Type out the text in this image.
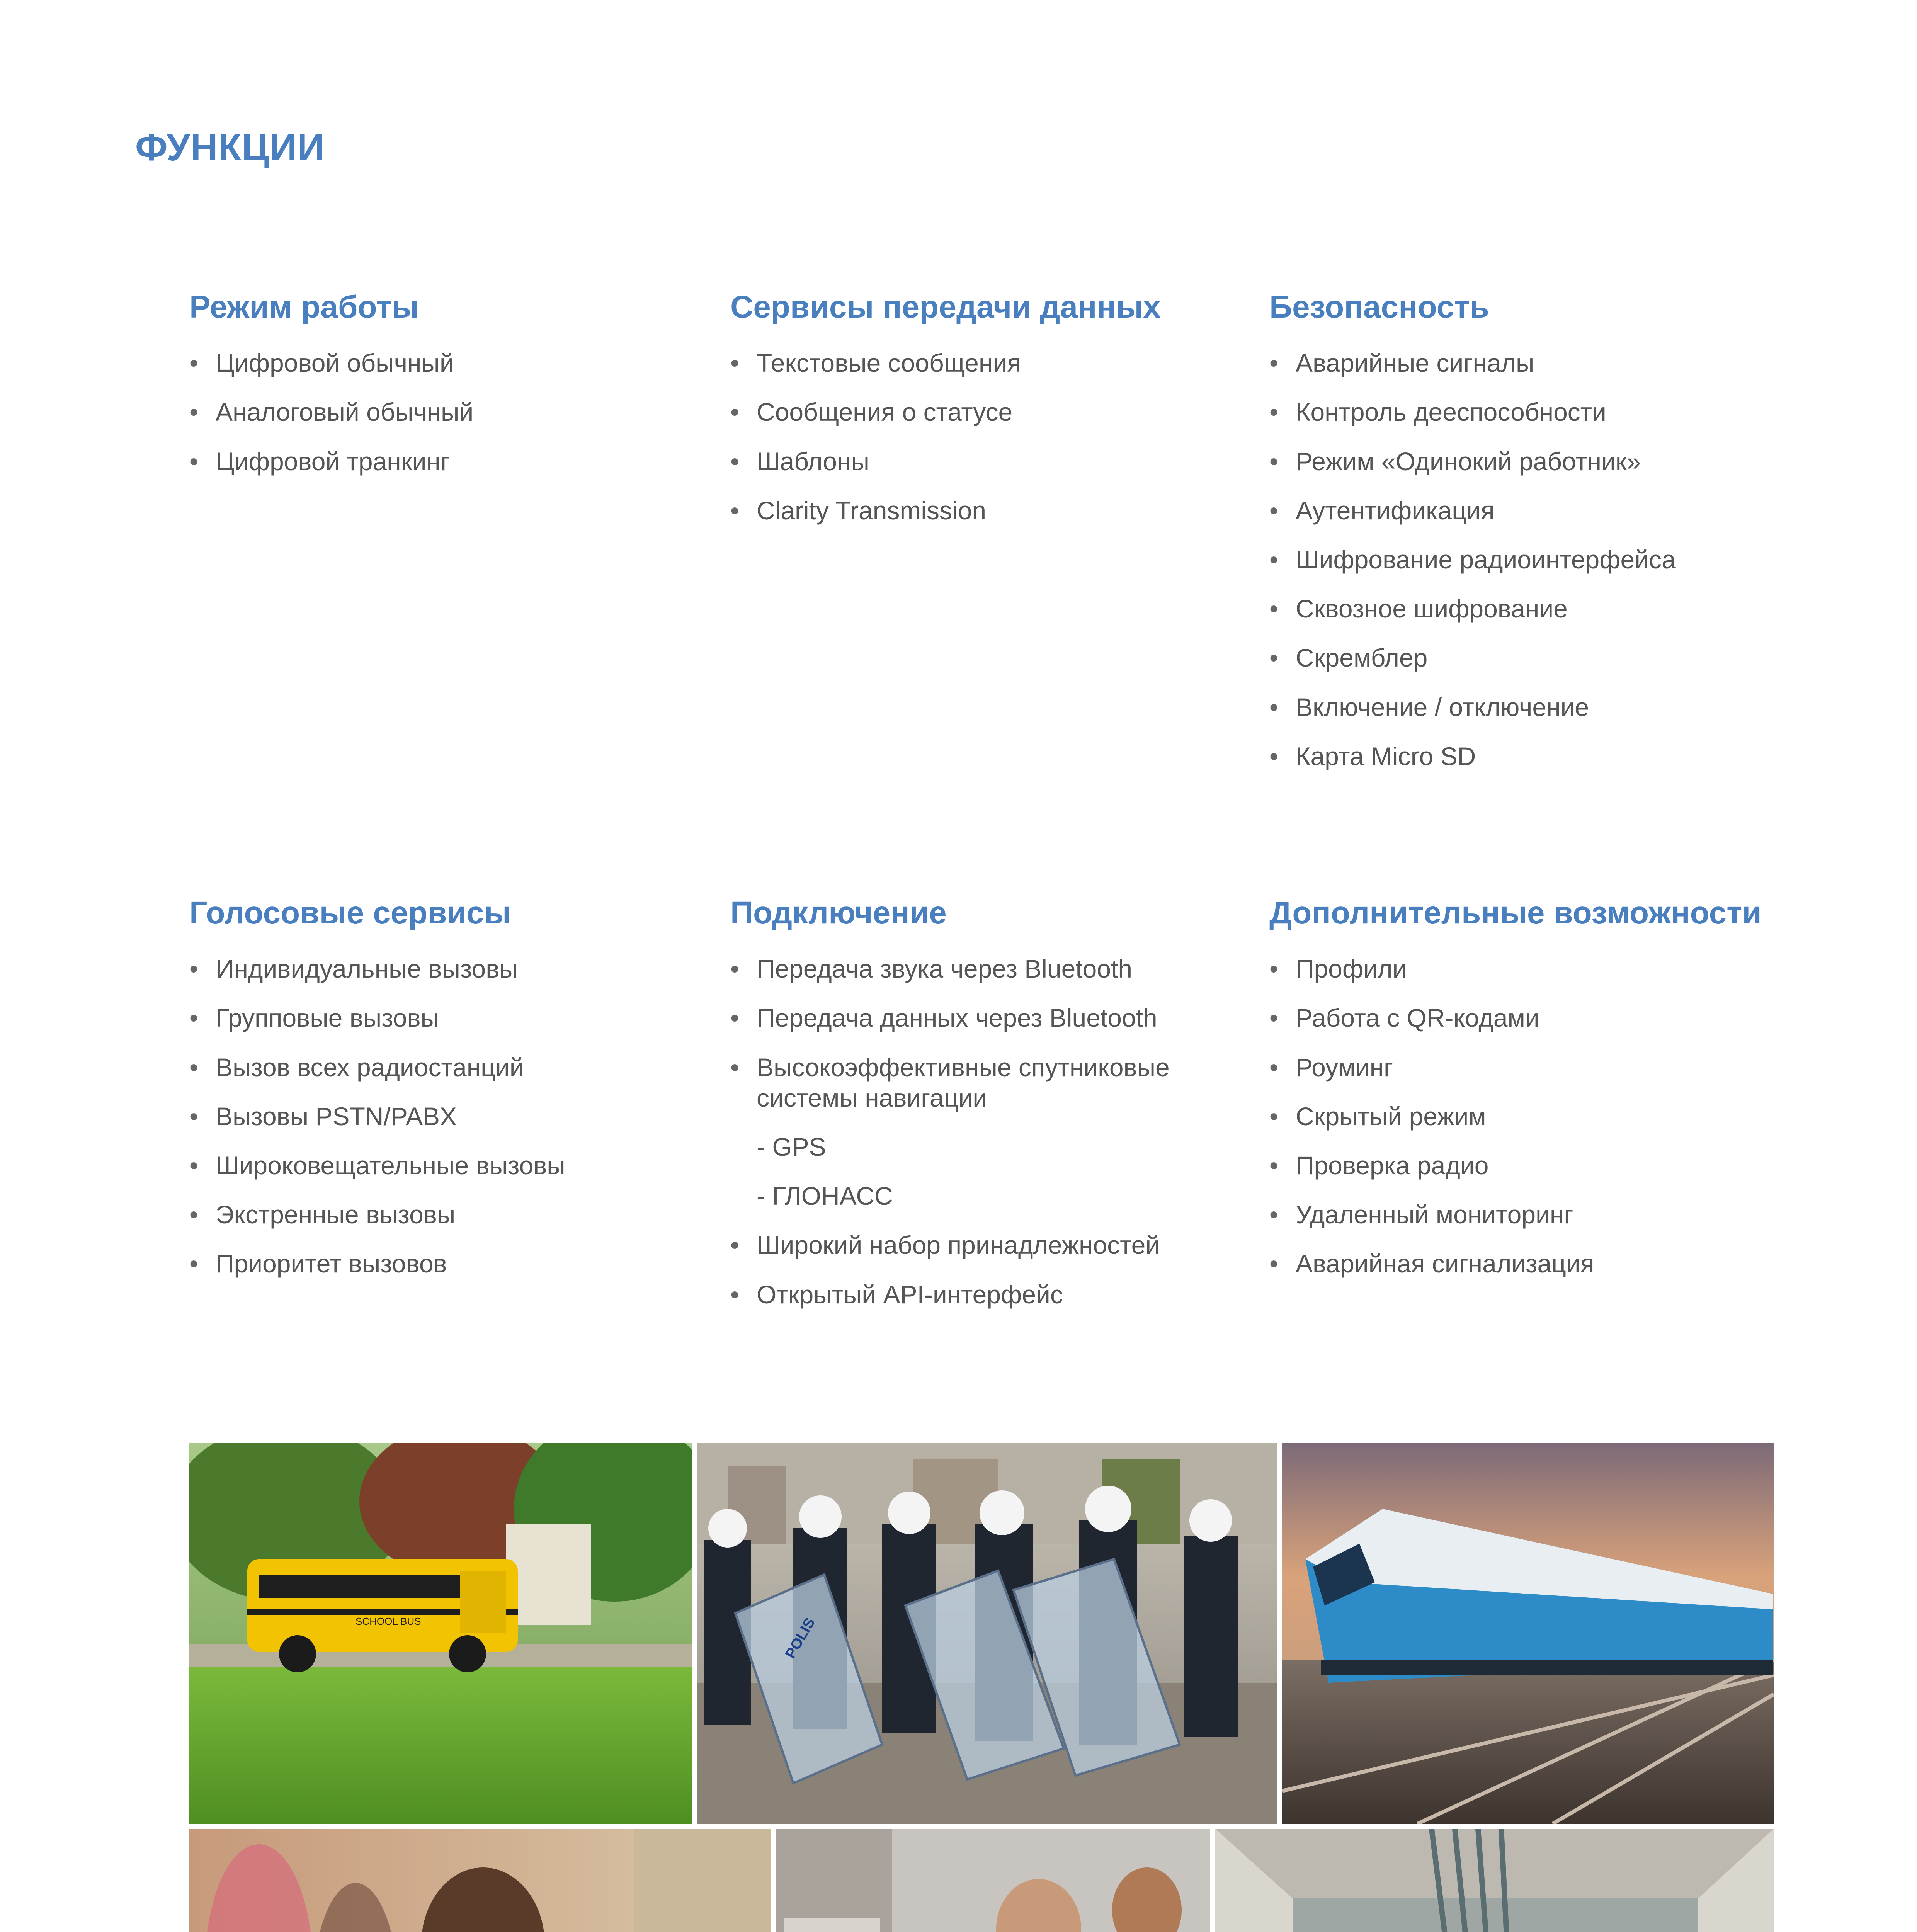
ФУНКЦИИ
Режим работы
• Цифровой обычный
• Аналоговый обычный
• Цифровой транкинг
Сервисы передачи данных
• Текстовые сообщения
• Сообщения о статусе
• Шаблоны
• Clarity Transmission
Безопасность
• Аварийные сигналы
• Контроль дееспособности
• Режим «Одинокий работник»
• Аутентификация
• Шифрование радиоинтерфейса
• Сквозное шифрование
• Скремблер
• Включение / отключение
• Карта Micro SD
Голосовые сервисы
• Индивидуальные вызовы
• Групповые вызовы
• Вызов всех радиостанций
• Вызовы PSTN/PABX
• Широковещательные вызовы
• Экстренные вызовы
• Приоритет вызовов
Подключение
• Передача звука через Bluetooth
• Передача данных через Bluetooth
• Высокоэффективные спутниковые системы навигации
- GPS
- ГЛОНАСС
• Широкий набор принадлежностей
• Открытый API-интерфейс
Дополнительные возможности
• Профили
• Работа с QR-кодами
• Роуминг
• Скрытый режим
• Проверка радио
• Удаленный мониторинг
• Аварийная сигнализация
SCHOOL BUS	POLIS
